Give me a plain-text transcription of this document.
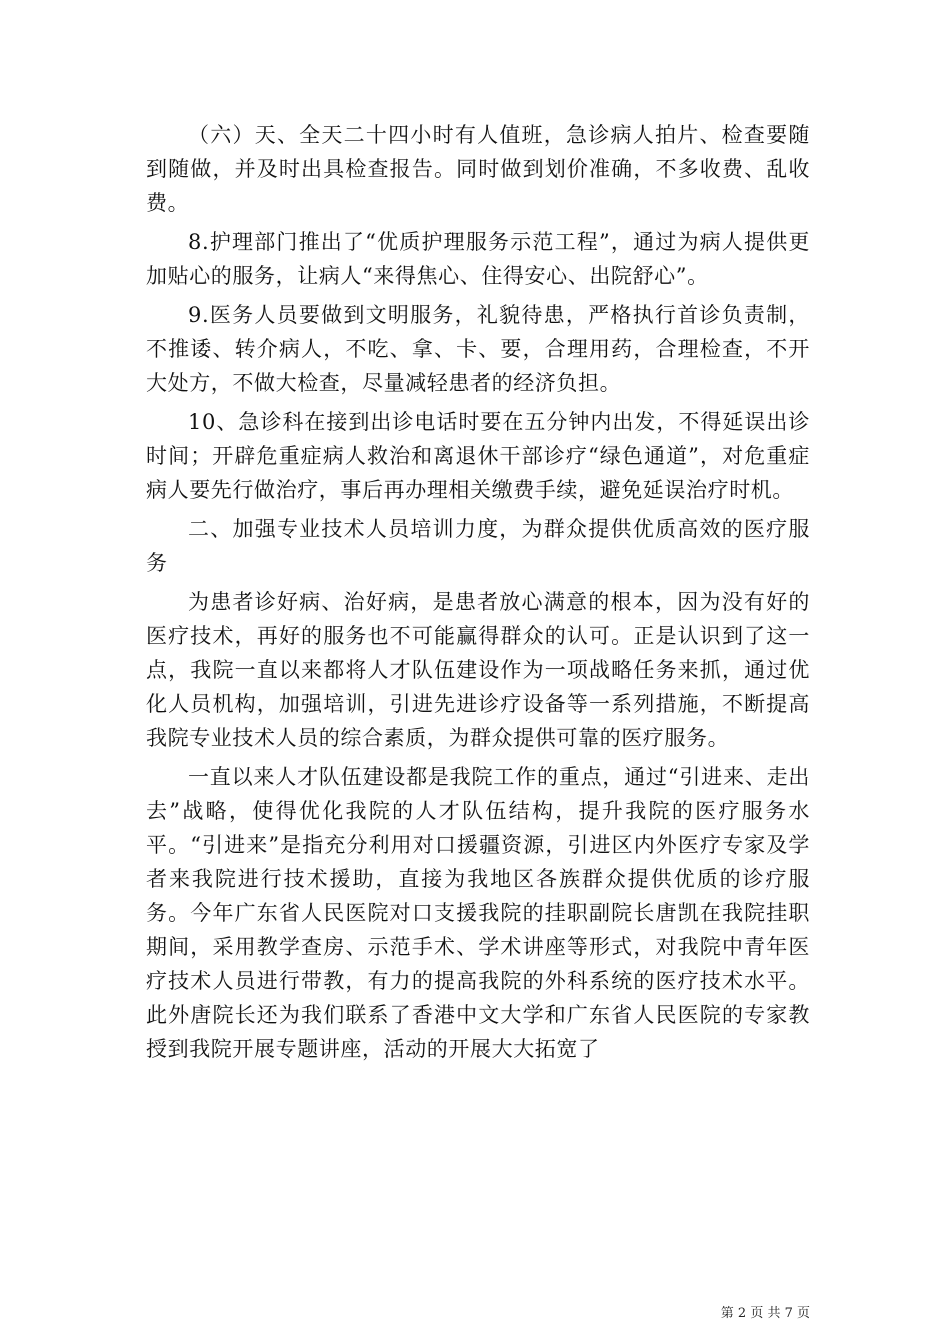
（六）天、全天二十四小时有人值班，急诊病人拍片、检查要随到随做，并及时出具检查报告。同时做到划价准确，不多收费、乱收费。

8.护理部门推出了“优质护理服务示范工程”，通过为病人提供更加贴心的服务，让病人“来得焦心、住得安心、出院舒心”。

9.医务人员要做到文明服务，礼貌待患，严格执行首诊负责制，不推诿、转介病人，不吃、拿、卡、要，合理用药，合理检查，不开大处方，不做大检查，尽量减轻患者的经济负担。

10、急诊科在接到出诊电话时要在五分钟内出发，不得延误出诊时间；开辟危重症病人救治和离退休干部诊疗“绿色通道”，对危重症病人要先行做治疗，事后再办理相关缴费手续，避免延误治疗时机。

二、加强专业技术人员培训力度，为群众提供优质高效的医疗服务

为患者诊好病、治好病，是患者放心满意的根本，因为没有好的医疗技术，再好的服务也不可能赢得群众的认可。正是认识到了这一点，我院一直以来都将人才队伍建设作为一项战略任务来抓，通过优化人员机构，加强培训，引进先进诊疗设备等一系列措施，不断提高我院专业技术人员的综合素质，为群众提供可靠的医疗服务。

一直以来人才队伍建设都是我院工作的重点，通过“引进来、走出去”战略，使得优化我院的人才队伍结构，提升我院的医疗服务水平。“引进来”是指充分利用对口援疆资源，引进区内外医疗专家及学者来我院进行技术援助，直接为我地区各族群众提供优质的诊疗服务。今年广东省人民医院对口支援我院的挂职副院长唐凯在我院挂职期间，采用教学查房、示范手术、学术讲座等形式，对我院中青年医疗技术人员进行带教，有力的提高我院的外科系统的医疗技术水平。此外唐院长还为我们联系了香港中文大学和广东省人民医院的专家教授到我院开展专题讲座，活动的开展大大拓宽了

第 2 页 共 7 页
